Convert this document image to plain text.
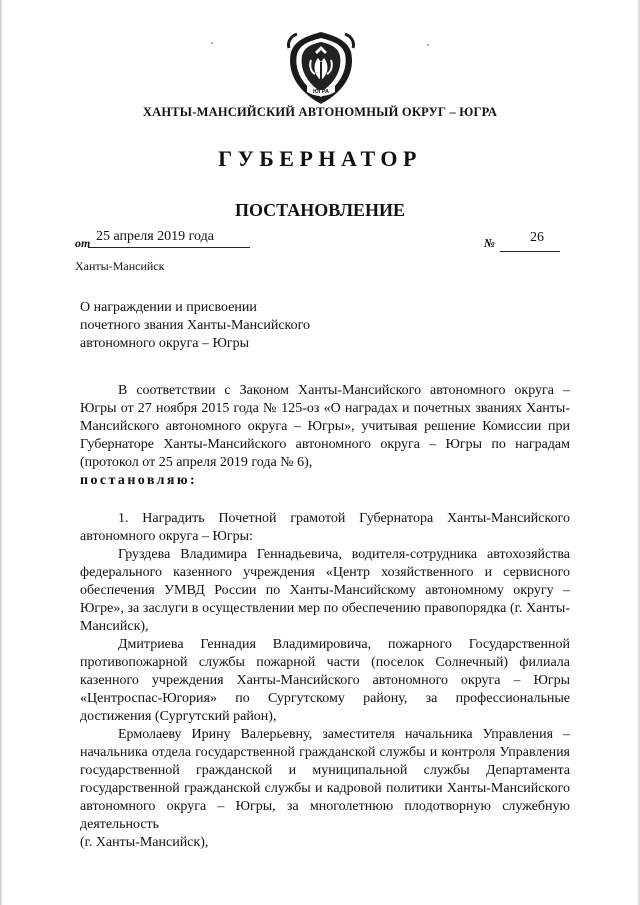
ЮГРА
ХАНТЫ-МАНСИЙСКИЙ АВТОНОМНЫЙ ОКРУГ – ЮГРА
ГУБЕРНАТОР
ПОСТАНОВЛЕНИЕ
от 25 апреля 2019 года	№	26
Ханты-Мансийск
О награждении и присвоении
почетного звания Ханты-Мансийского
автономного округа – Югры

В соответствии с Законом Ханты-Мансийского автономного округа – Югры от 27 ноября 2015 года № 125-оз «О наградах и почетных званиях Ханты-Мансийского автономного округа – Югры», учитывая решение Комиссии при Губернаторе Ханты-Мансийского автономного округа – Югры по наградам (протокол от 25 апреля 2019 года № 6),

постановляю:

1. Наградить Почетной грамотой Губернатора Ханты-Мансийского автономного округа – Югры:

Груздева Владимира Геннадьевича, водителя-сотрудника автохозяйства федерального казенного учреждения «Центр хозяйственного и сервисного обеспечения УМВД России по Ханты-Мансийскому автономному округу – Югре», за заслуги в осуществлении мер по обеспечению правопорядка (г. Ханты-Мансийск),

Дмитриева Геннадия Владимировича, пожарного Государственной противопожарной службы пожарной части (поселок Солнечный) филиала казенного учреждения Ханты-Мансийского автономного округа – Югры «Центроспас-Югория» по Сургутскому району, за профессиональные достижения (Сургутский район),

Ермолаеву Ирину Валерьевну, заместителя начальника Управления – начальника отдела государственной гражданской службы и контроля Управления государственной гражданской и муниципальной службы Департамента государственной гражданской службы и кадровой политики Ханты-Мансийского автономного округа – Югры, за многолетнюю плодотворную служебную деятельность

(г. Ханты-Мансийск),
